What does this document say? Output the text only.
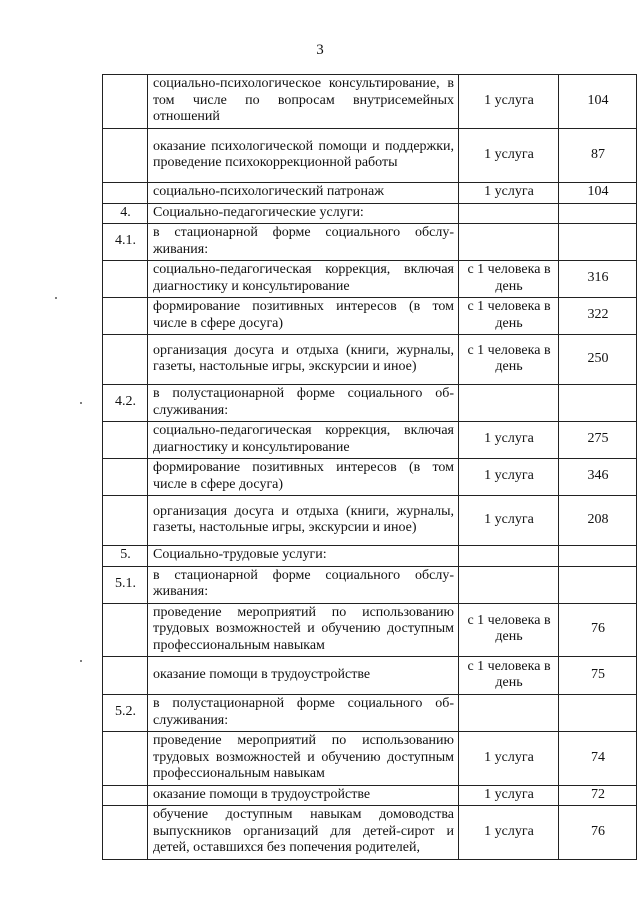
3
	социально-психологическое консультирование, в том числе по вопросам внутрисемейных отношений	1 услуга	104
	оказание психологической помощи и поддержки, проведение психокоррекционной работы	1 услуга	87
	социально-психологический патронаж	1 услуга	104
4.	Социально-педагогические услуги:		
4.1.	в стационарной форме социального обслуживания:		
	социально-педагогическая коррекция, включая диагностику и консультирование	с 1 человека в день	316
	формирование позитивных интересов (в том числе в сфере досуга)	с 1 человека в день	322
	организация досуга и отдыха (книги, журналы, газеты, настольные игры, экскурсии и иное)	с 1 человека в день	250
4.2.	в полустационарной форме социального обслуживания:		
	социально-педагогическая коррекция, включая диагностику и консультирование	1 услуга	275
	формирование позитивных интересов (в том числе в сфере досуга)	1 услуга	346
	организация досуга и отдыха (книги, журналы, газеты, настольные игры, экскурсии и иное)	1 услуга	208
5.	Социально-трудовые услуги:		
5.1.	в стационарной форме социального обслуживания:		
	проведение мероприятий по использованию трудовых возможностей и обучению доступным профессиональным навыкам	с 1 человека в день	76
	оказание помощи в трудоустройстве	с 1 человека в день	75
5.2.	в полустационарной форме социального обслуживания:		
	проведение мероприятий по использованию трудовых возможностей и обучению доступным профессиональным навыкам	1 услуга	74
	оказание помощи в трудоустройстве	1 услуга	72
	обучение доступным навыкам домоводства выпускников организаций для детей-сирот и детей, оставшихся без попечения родителей,	1 услуга	76
